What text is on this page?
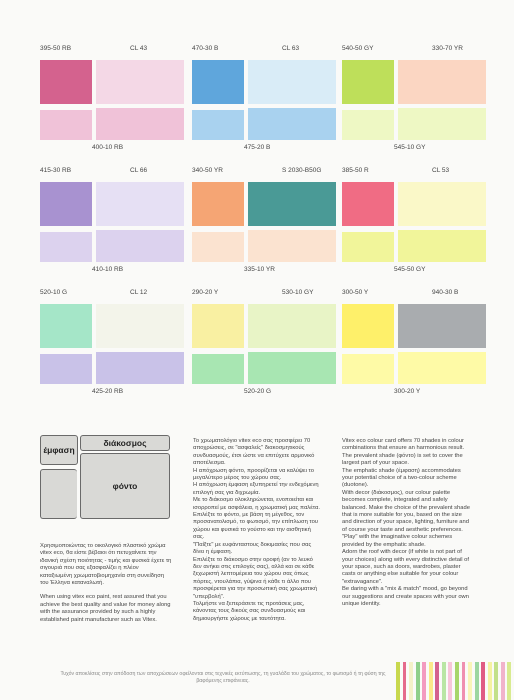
395-50 RB	CL 43
400-10 RB
470-30 B	CL 63
475-20 B
540-50 GY	330-70 YR
545-10 GY
415-30 RB	CL 66
410-10 RB
340-50 YR	S 2030-B50G
335-10 YR
385-50 R	CL 53
545-50 GY
520-10 G	CL 12
425-20 RB
290-20 Y	530-10 GY
520-20 G
300-50 Y	940-30 B
300-20 Y
έμφαση
διάκοσμος
φόντο

Χρησιμοποιώντας το οικολογικό πλαστικό χρώμα vitex eco, θα είστε βέβαιοι ότι πετυχαίνετε την ιδανική σχέση ποιότητας - τιμής και φυσικά έχετε τη σιγουριά που σας εξασφαλίζει η πλέον καταξιωμένη χρωματοβιομηχανία στη συνείδηση του Έλληνα καταναλωτή.

When using vitex eco paint, rest assured that you achieve the best quality and value for money along with the assurance provided by such a highly established paint manufacturer such as Vitex.

Το χρωματολόγιο vitex eco σας προσφέρει 70 αποχρώσεις, σε "ασφαλείς" διακοσμητικούς συνδυασμούς, έτσι ώστε να επιτύχετε αρμονικό αποτέλεσμα.

Η απόχρωση φόντο, προορίζεται να καλύψει το μεγαλύτερο μέρος του χώρου σας.

Η απόχρωση έμφαση εξυπηρετεί την ενδεχόμενη επιλογή σας για διχρωμία.

Με το διάκοσμο ολοκληρώνεται, ενοποιείται και ισορροπεί με ασφάλεια, η χρωματική μας παλέτα. Επιλέξτε το φόντο, με βάση τη μέγεθος, τον προσανατολισμό, το φωτισμό, την επίπλωση του χώρου και φυσικά το γούστο και την αισθητική σας.

"Παίξτε" με ευφάνταστους δοκιμασίες που σας δίνει η έμφαση.

Επιλέξτε το διάκοσμο στην οροφή (αν το λευκό δεν ανήκει στις επιλογές σας), αλλά και σε κάθε ξεχωριστή λεπτομέρεια του χώρου σας όπως πόρτες, ντουλάπια, γύψινα ή κάθε τι άλλο που προσφέρεται για την προσωπική σας χρωματική "υπερβολή".

Τολμήστε να ξεπεράσετε τις προτάσεις μας, κάνοντας τους δικούς σας συνδυασμούς και δημιουργήστε χώρους με ταυτότητα.

Vitex eco colour card offers 70 shades in colour combinations that ensure an harmonious result.

The prevalent shade (φόντο) is set to cover the largest part of your space.

The emphatic shade (έμφαση) accommodates your potential choice of a two-colour scheme (duotone).

With decor (διάκοσμος), our colour palette becomes complete, integrated and safely balanced. Make the choice of the prevalent shade that is more suitable for you, based on the size and direction of your space, lighting, furniture and of course your taste and aesthetic preferences.

"Play" with the imaginative colour schemes provided by the emphatic shade.

Adorn the roof with decor (if white is not part of your choices) along with every distinctive detail of your space, such as doors, wardrobes, plaster casts or anything else suitable for your colour "extravagance".

Be daring with a "mix & match" mood, go beyond our suggestions and create spaces with your own unique identity.

Τυχόν αποκλίσεις στην απόδοση των αποχρώσεων οφείλονται στις τεχνικές εκτύπωσης, τη γυαλάδα του χρώματος, το φωτισμό ή τη φύση της βαφόμενης επιφάνειας.
